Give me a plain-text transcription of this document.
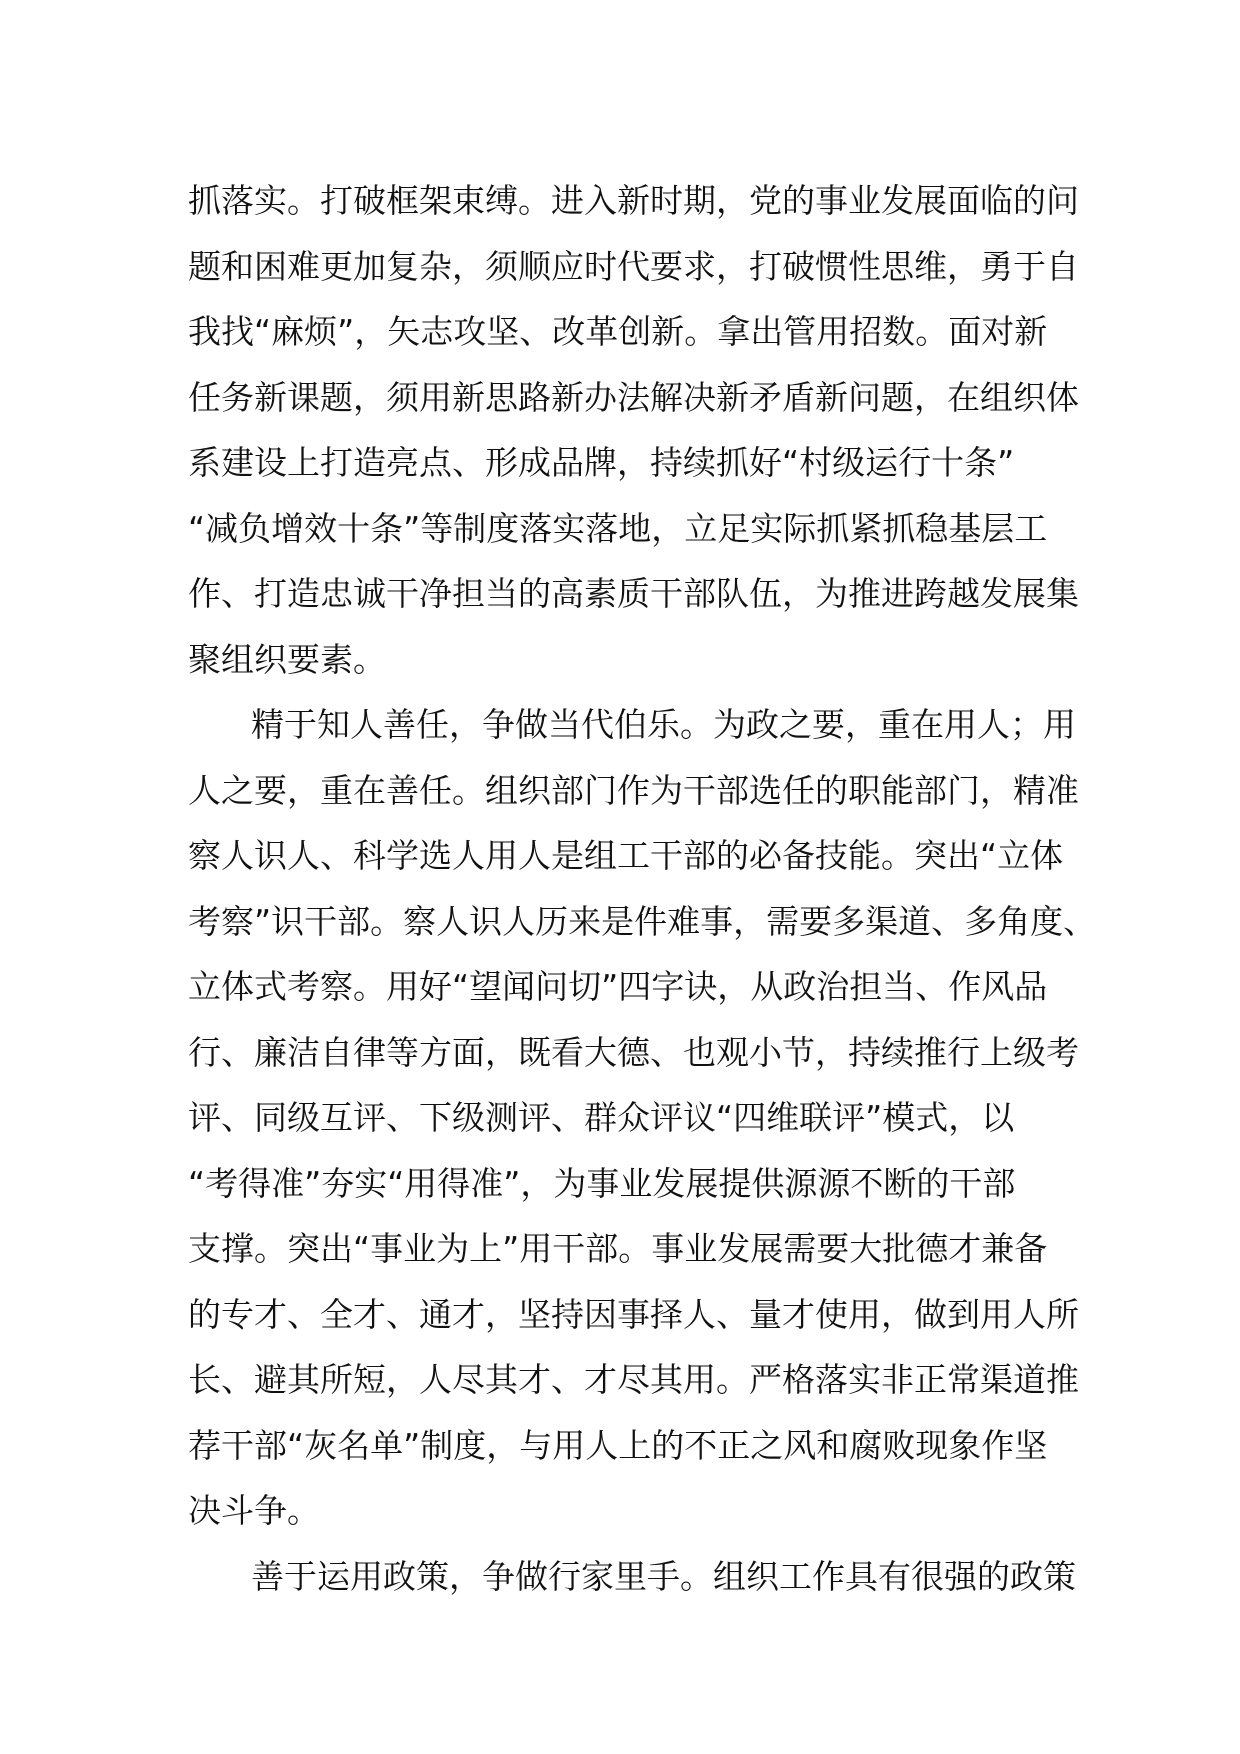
抓落实。打破框架束缚。进入新时期，党的事业发展面临的问
题和困难更加复杂，须顺应时代要求，打破惯性思维，勇于自
我找“麻烦”，矢志攻坚、改革创新。拿出管用招数。面对新
任务新课题，须用新思路新办法解决新矛盾新问题，在组织体
系建设上打造亮点、形成品牌，持续抓好“村级运行十条”
“减负增效十条”等制度落实落地，立足实际抓紧抓稳基层工
作、打造忠诚干净担当的高素质干部队伍，为推进跨越发展集
聚组织要素。
精于知人善任，争做当代伯乐。为政之要，重在用人；用
人之要，重在善任。组织部门作为干部选任的职能部门，精准
察人识人、科学选人用人是组工干部的必备技能。突出“立体
考察”识干部。察人识人历来是件难事，需要多渠道、多角度、
立体式考察。用好“望闻问切”四字诀，从政治担当、作风品
行、廉洁自律等方面，既看大德、也观小节，持续推行上级考
评、同级互评、下级测评、群众评议“四维联评”模式，以
“考得准”夯实“用得准”，为事业发展提供源源不断的干部
支撑。突出“事业为上”用干部。事业发展需要大批德才兼备
的专才、全才、通才，坚持因事择人、量才使用，做到用人所
长、避其所短，人尽其才、才尽其用。严格落实非正常渠道推
荐干部“灰名单”制度，与用人上的不正之风和腐败现象作坚
决斗争。
善于运用政策，争做行家里手。组织工作具有很强的政策
